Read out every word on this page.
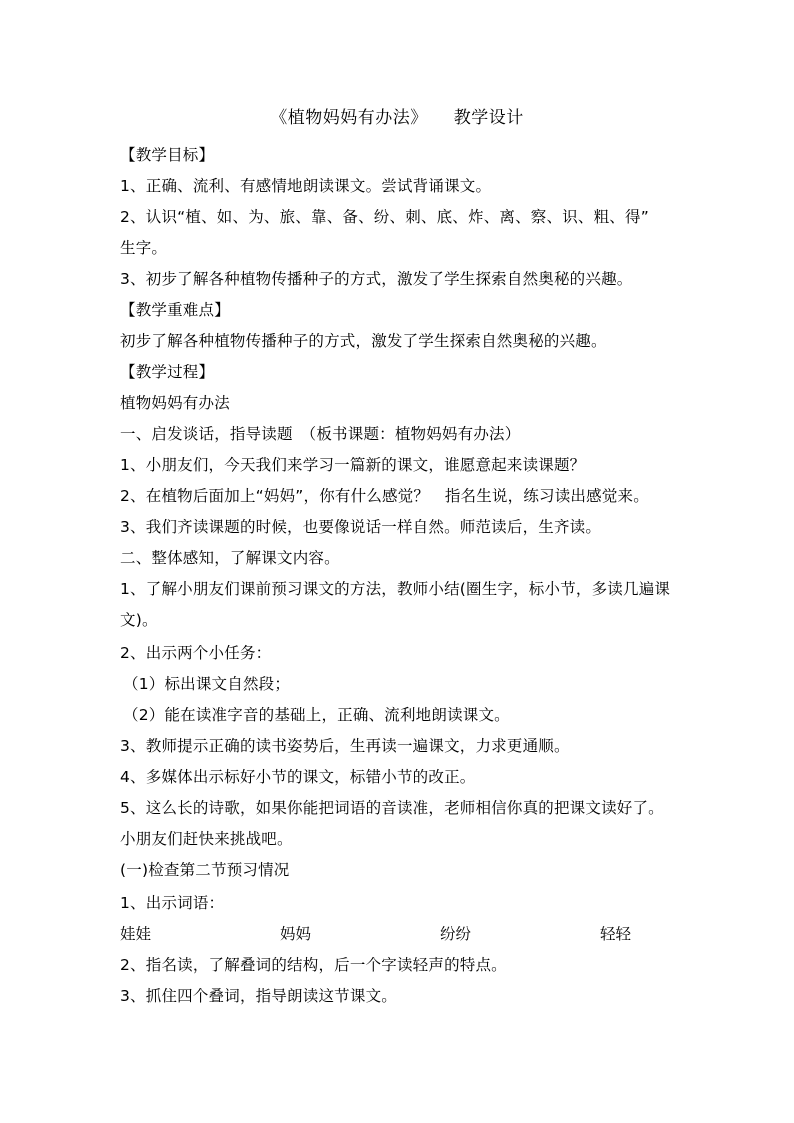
《植物妈妈有办法》 教学设计
【教学目标】
1、正确、流利、有感情地朗读课文。尝试背诵课文。
2、认识“植、如、为、旅、靠、备、纷、刺、底、炸、离、察、识、粗、得”
生字。
3、初步了解各种植物传播种子的方式，激发了学生探索自然奥秘的兴趣。
【教学重难点】
初步了解各种植物传播种子的方式，激发了学生探索自然奥秘的兴趣。
【教学过程】
植物妈妈有办法
一、启发谈话，指导读题　（板书课题：植物妈妈有办法）
1、小朋友们，今天我们来学习一篇新的课文，谁愿意起来读课题？
2、在植物后面加上“妈妈”，你有什么感觉？　指名生说，练习读出感觉来。
3、我们齐读课题的时候，也要像说话一样自然。师范读后，生齐读。
二、整体感知，了解课文内容。
1、了解小朋友们课前预习课文的方法，教师小结(圈生字，标小节，多读几遍课
文)。
2、出示两个小任务：
（1）标出课文自然段；
（2）能在读准字音的基础上，正确、流利地朗读课文。
3、教师提示正确的读书姿势后，生再读一遍课文，力求更通顺。
4、多媒体出示标好小节的课文，标错小节的改正。
5、这么长的诗歌，如果你能把词语的音读准，老师相信你真的把课文读好了。
小朋友们赶快来挑战吧。
(一)检查第二节预习情况
1、出示词语：
娃娃	妈妈	纷纷	轻轻
2、指名读，了解叠词的结构，后一个字读轻声的特点。
3、抓住四个叠词，指导朗读这节课文。
